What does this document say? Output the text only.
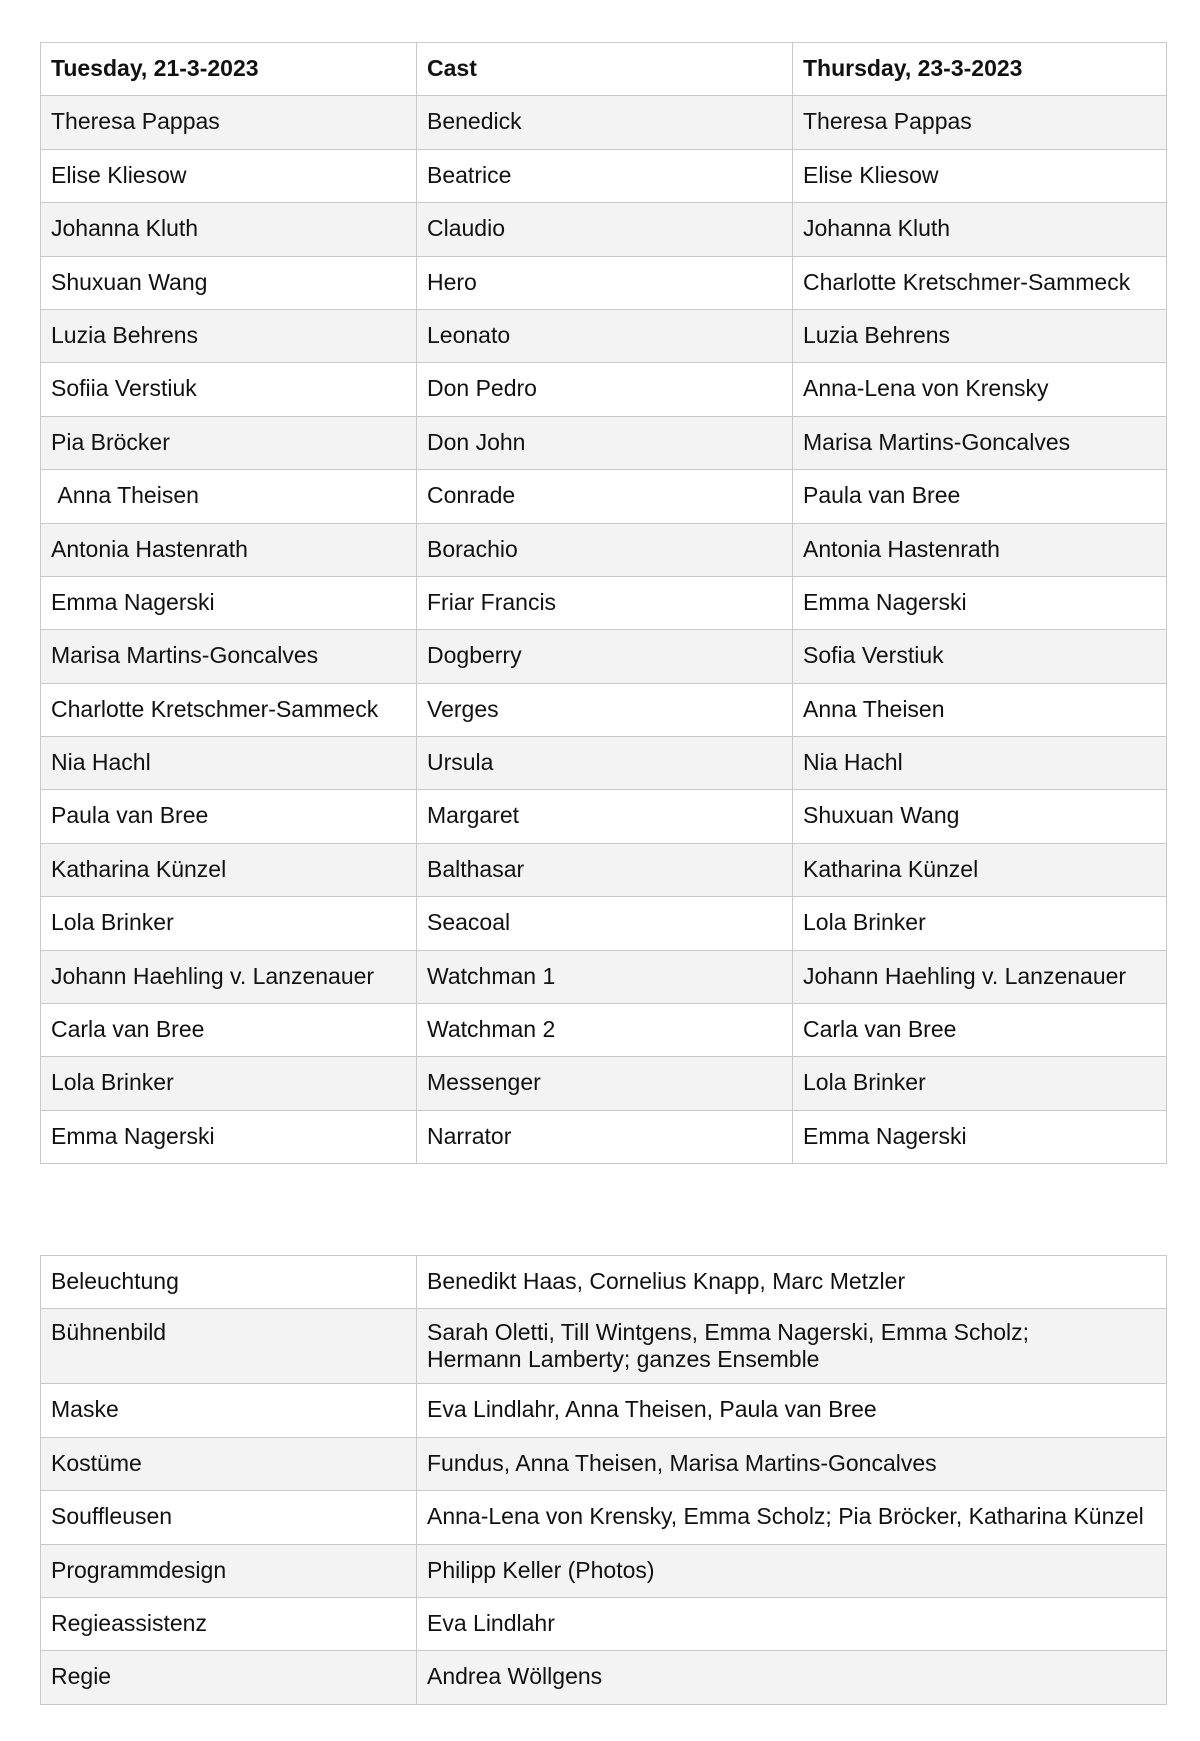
Tuesday, 21-3-2023	Cast	Thursday, 23-3-2023
Theresa Pappas	Benedick	Theresa Pappas
Elise Kliesow	Beatrice	Elise Kliesow
Johanna Kluth	Claudio	Johanna Kluth
Shuxuan Wang	Hero	Charlotte Kretschmer-Sammeck
Luzia Behrens	Leonato	Luzia Behrens
Sofiia Verstiuk	Don Pedro	Anna-Lena von Krensky
Pia Bröcker	Don John	Marisa Martins-Goncalves
Anna Theisen	Conrade	Paula van Bree
Antonia Hastenrath	Borachio	Antonia Hastenrath
Emma Nagerski	Friar Francis	Emma Nagerski
Marisa Martins-Goncalves	Dogberry	Sofia Verstiuk
Charlotte Kretschmer-Sammeck	Verges	Anna Theisen
Nia Hachl	Ursula	Nia Hachl
Paula van Bree	Margaret	Shuxuan Wang
Katharina Künzel	Balthasar	Katharina Künzel
Lola Brinker	Seacoal	Lola Brinker
Johann Haehling v. Lanzenauer	Watchman 1	Johann Haehling v. Lanzenauer
Carla van Bree	Watchman 2	Carla van Bree
Lola Brinker	Messenger	Lola Brinker
Emma Nagerski	Narrator	Emma Nagerski
Beleuchtung	Benedikt Haas, Cornelius Knapp, Marc Metzler
Bühnenbild	Sarah Oletti, Till Wintgens, Emma Nagerski, Emma Scholz;
Hermann Lamberty; ganzes Ensemble
Maske	Eva Lindlahr, Anna Theisen, Paula van Bree
Kostüme	Fundus, Anna Theisen, Marisa Martins-Goncalves
Souffleusen	Anna-Lena von Krensky, Emma Scholz; Pia Bröcker, Katharina Künzel
Programmdesign	Philipp Keller (Photos)
Regieassistenz	Eva Lindlahr
Regie	Andrea Wöllgens
